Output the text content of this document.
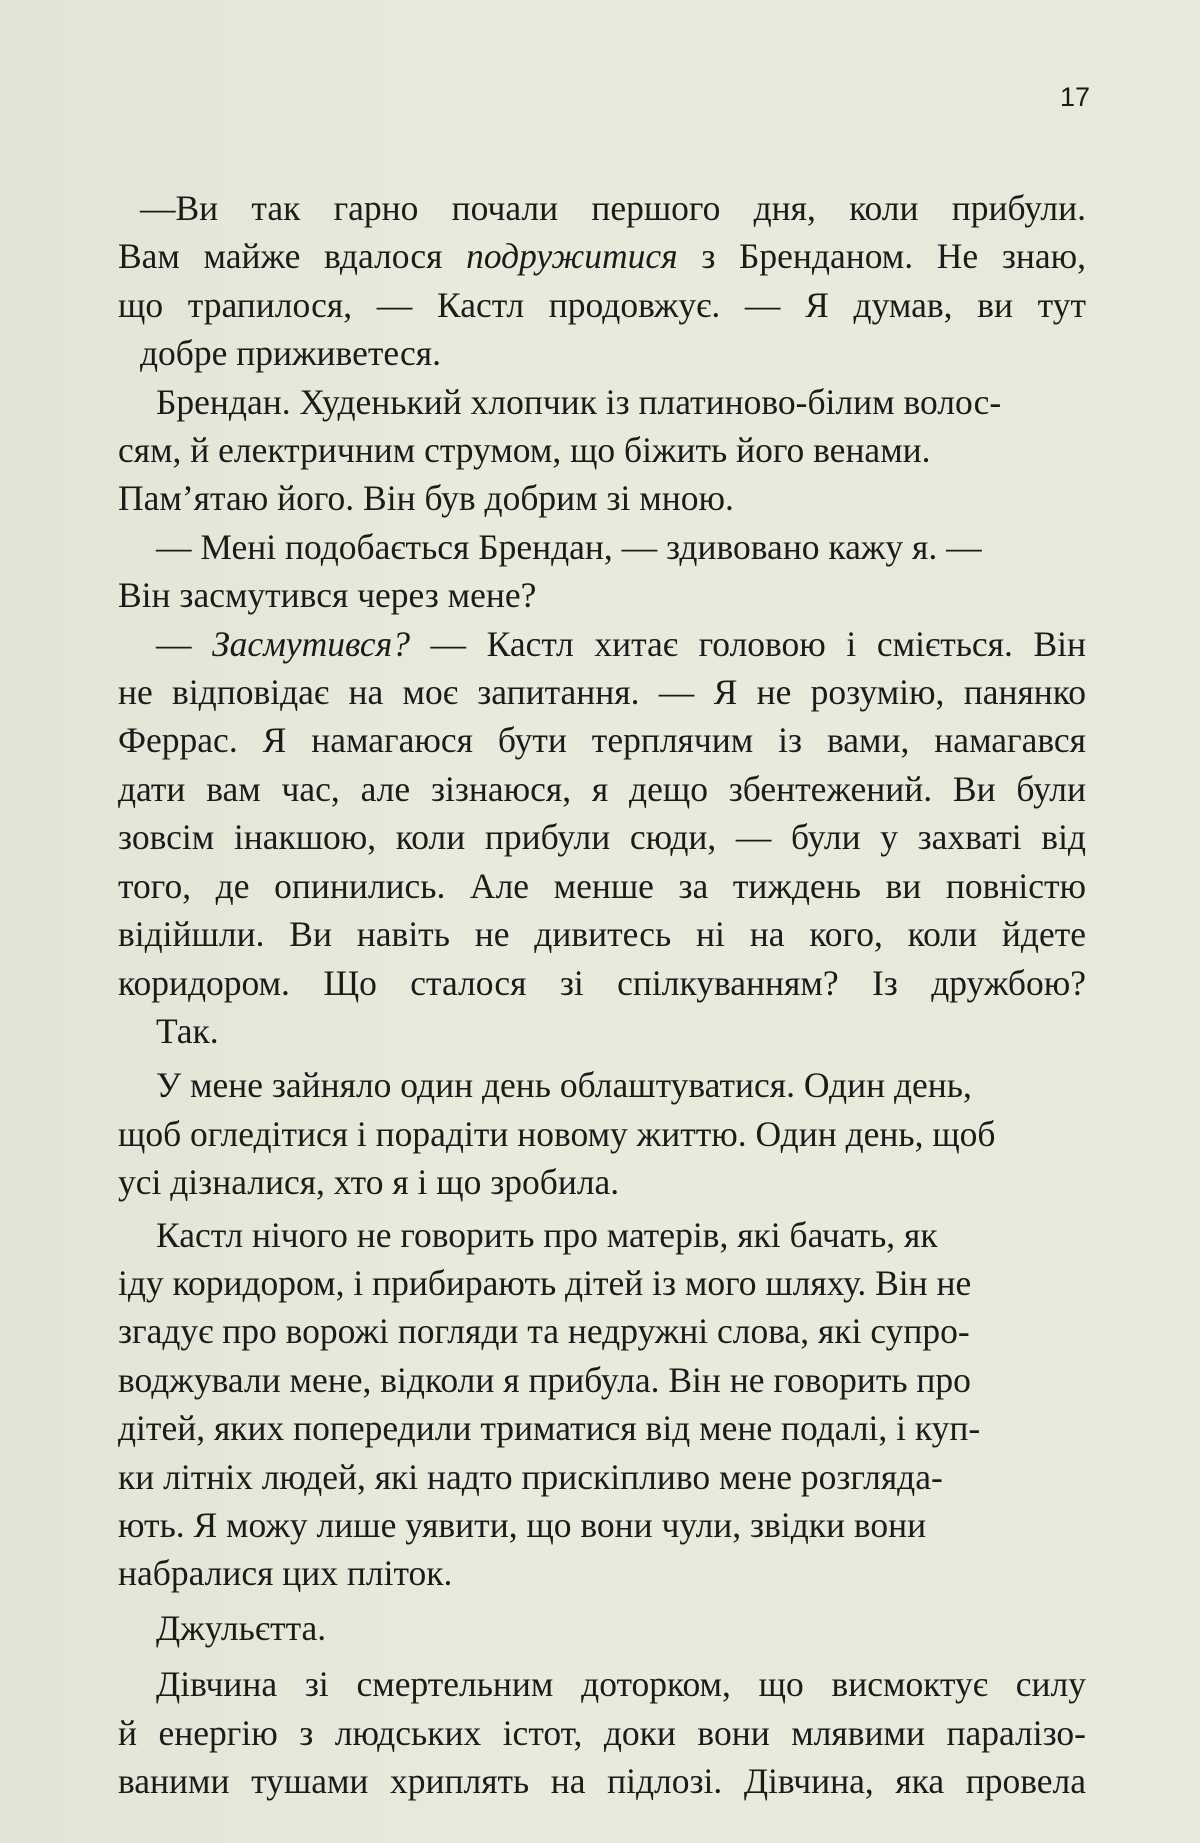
17

—Ви так гарно почали першого дня, коли прибули.
Вам майже вдалося подружитися з Бренданом. Не знаю,
що трапилося, — Кастл продовжує. — Я думав, ви тут
добре приживетеся.

Брендан. Худенький хлопчик із платиново-білим волос-
сям, й електричним струмом, що біжить його венами.
Пам’ятаю його. Він був добрим зі мною.

— Мені подобається Брендан, — здивовано кажу я. —
Він засмутився через мене?

— Засмутився? — Кастл хитає головою і сміється. Він
не відповідає на моє запитання. — Я не розумію, панянко
Феррас. Я намагаюся бути терплячим із вами, намагався
дати вам час, але зізнаюся, я дещо збентежений. Ви були
зовсім інакшою, коли прибули сюди, — були у захваті від
того, де опинились. Але менше за тиждень ви повністю
відійшли. Ви навіть не дивитесь ні на кого, коли йдете
коридором. Що сталося зі спілкуванням? Із дружбою?

Так.

У мене зайняло один день облаштуватися. Один день,
щоб огледітися і порадіти новому життю. Один день, щоб
усі дізналися, хто я і що зробила.

Кастл нічого не говорить про матерів, які бачать, як
іду коридором, і прибирають дітей із мого шляху. Він не
згадує про ворожі погляди та недружні слова, які супро-
воджували мене, відколи я прибула. Він не говорить про
дітей, яких попередили триматися від мене подалі, і куп-
ки літніх людей, які надто прискіпливо мене розгляда-
ють. Я можу лише уявити, що вони чули, звідки вони
набралися цих пліток.

Джульєтта.

Дівчина зі смертельним доторком, що висмоктує силу
й енергію з людських істот, доки вони млявими паралізо-
ваними тушами хриплять на підлозі. Дівчина, яка провела
